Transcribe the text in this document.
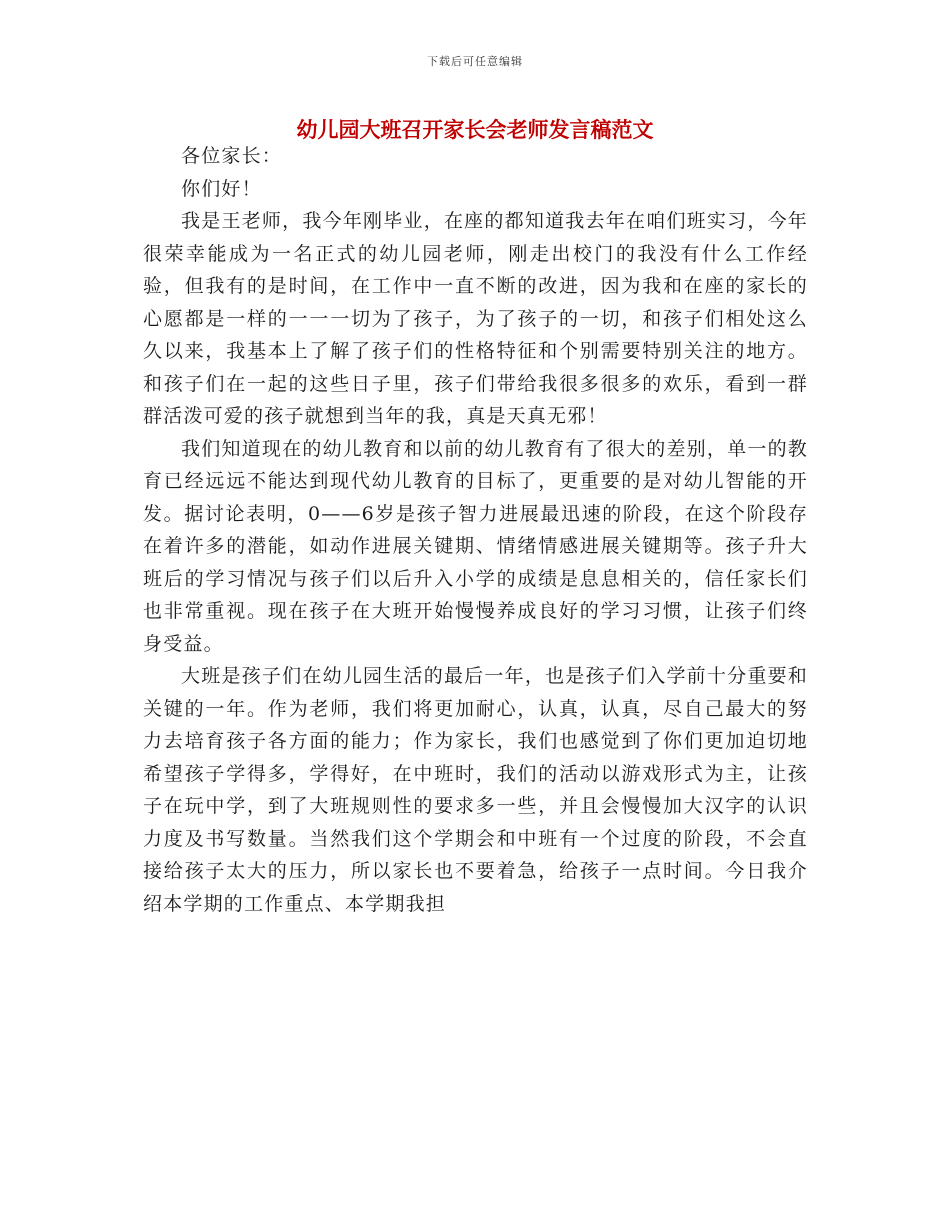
下载后可任意编辑
幼儿园大班召开家长会老师发言稿范文

各位家长：

你们好！

我是王老师，我今年刚毕业，在座的都知道我去年在咱们班实习，今年很荣幸能成为一名正式的幼儿园老师，刚走出校门的我没有什么工作经验，但我有的是时间，在工作中一直不断的改进，因为我和在座的家长的心愿都是一样的一一一切为了孩子，为了孩子的一切，和孩子们相处这么久以来，我基本上了解了孩子们的性格特征和个别需要特别关注的地方。和孩子们在一起的这些日子里，孩子们带给我很多很多的欢乐，看到一群群活泼可爱的孩子就想到当年的我，真是天真无邪！

我们知道现在的幼儿教育和以前的幼儿教育有了很大的差别，单一的教育已经远远不能达到现代幼儿教育的目标了，更重要的是对幼儿智能的开发。据讨论表明，0——6岁是孩子智力进展最迅速的阶段，在这个阶段存在着许多的潜能，如动作进展关键期、情绪情感进展关键期等。孩子升大班后的学习情况与孩子们以后升入小学的成绩是息息相关的，信任家长们也非常重视。现在孩子在大班开始慢慢养成良好的学习习惯，让孩子们终身受益。

大班是孩子们在幼儿园生活的最后一年，也是孩子们入学前十分重要和关键的一年。作为老师，我们将更加耐心，认真，认真，尽自己最大的努力去培育孩子各方面的能力；作为家长，我们也感觉到了你们更加迫切地希望孩子学得多，学得好，在中班时，我们的活动以游戏形式为主，让孩子在玩中学，到了大班规则性的要求多一些，并且会慢慢加大汉字的认识力度及书写数量。当然我们这个学期会和中班有一个过度的阶段，不会直接给孩子太大的压力，所以家长也不要着急，给孩子一点时间。今日我介绍本学期的工作重点、本学期我担
